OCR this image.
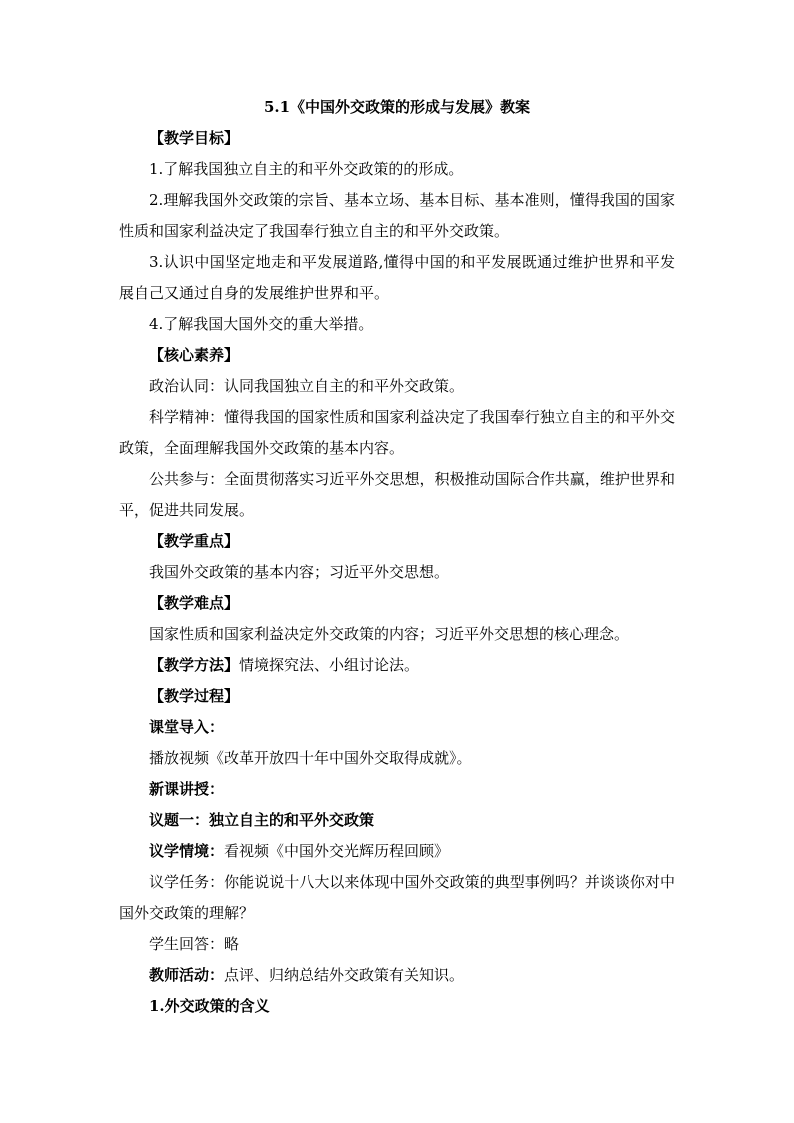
5.1《中国外交政策的形成与发展》教案

【教学目标】

1.了解我国独立自主的和平外交政策的的形成。

2.理解我国外交政策的宗旨、基本立场、基本目标、基本准则，懂得我国的国家性质和国家利益决定了我国奉行独立自主的和平外交政策。

3.认识中国坚定地走和平发展道路,懂得中国的和平发展既通过维护世界和平发展自己又通过自身的发展维护世界和平。

4.了解我国大国外交的重大举措。

【核心素养】

政治认同：认同我国独立自主的和平外交政策。

科学精神：懂得我国的国家性质和国家利益决定了我国奉行独立自主的和平外交政策，全面理解我国外交政策的基本内容。

公共参与：全面贯彻落实习近平外交思想，积极推动国际合作共赢，维护世界和平，促进共同发展。

【教学重点】

我国外交政策的基本内容；习近平外交思想。

【教学难点】

国家性质和国家利益决定外交政策的内容；习近平外交思想的核心理念。

【教学方法】情境探究法、小组讨论法。

【教学过程】

课堂导入：

播放视频《改革开放四十年中国外交取得成就》。

新课讲授：

议题一：独立自主的和平外交政策

议学情境：看视频《中国外交光辉历程回顾》

议学任务：你能说说十八大以来体现中国外交政策的典型事例吗？并谈谈你对中国外交政策的理解？

学生回答：略

教师活动：点评、归纳总结外交政策有关知识。

1.外交政策的含义
